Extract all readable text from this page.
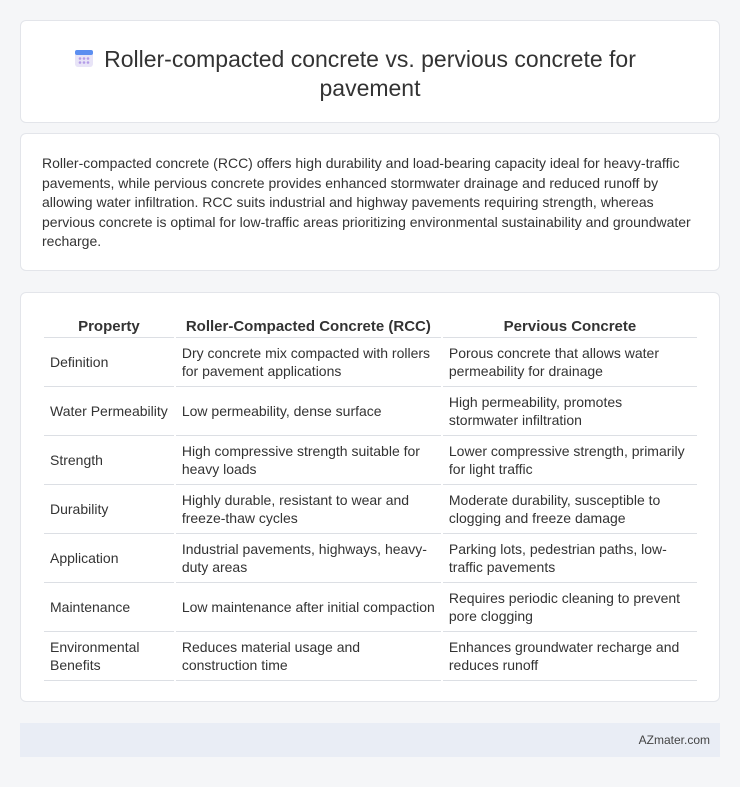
Roller-compacted concrete vs. pervious concrete for pavement

Roller-compacted concrete (RCC) offers high durability and load-bearing capacity ideal for heavy-traffic pavements, while pervious concrete provides enhanced stormwater drainage and reduced runoff by allowing water infiltration. RCC suits industrial and highway pavements requiring strength, whereas pervious concrete is optimal for low-traffic areas prioritizing environmental sustainability and groundwater recharge.

Property	Roller-Compacted Concrete (RCC)	Pervious Concrete
Definition	Dry concrete mix compacted with rollers for pavement applications	Porous concrete that allows water permeability for drainage
Water Permeability	Low permeability, dense surface	High permeability, promotes stormwater infiltration
Strength	High compressive strength suitable for heavy loads	Lower compressive strength, primarily for light traffic
Durability	Highly durable, resistant to wear and freeze-thaw cycles	Moderate durability, susceptible to clogging and freeze damage
Application	Industrial pavements, highways, heavy-duty areas	Parking lots, pedestrian paths, low-traffic pavements
Maintenance	Low maintenance after initial compaction	Requires periodic cleaning to prevent pore clogging
Environmental Benefits	Reduces material usage and construction time	Enhances groundwater recharge and reduces runoff
AZmater.com
